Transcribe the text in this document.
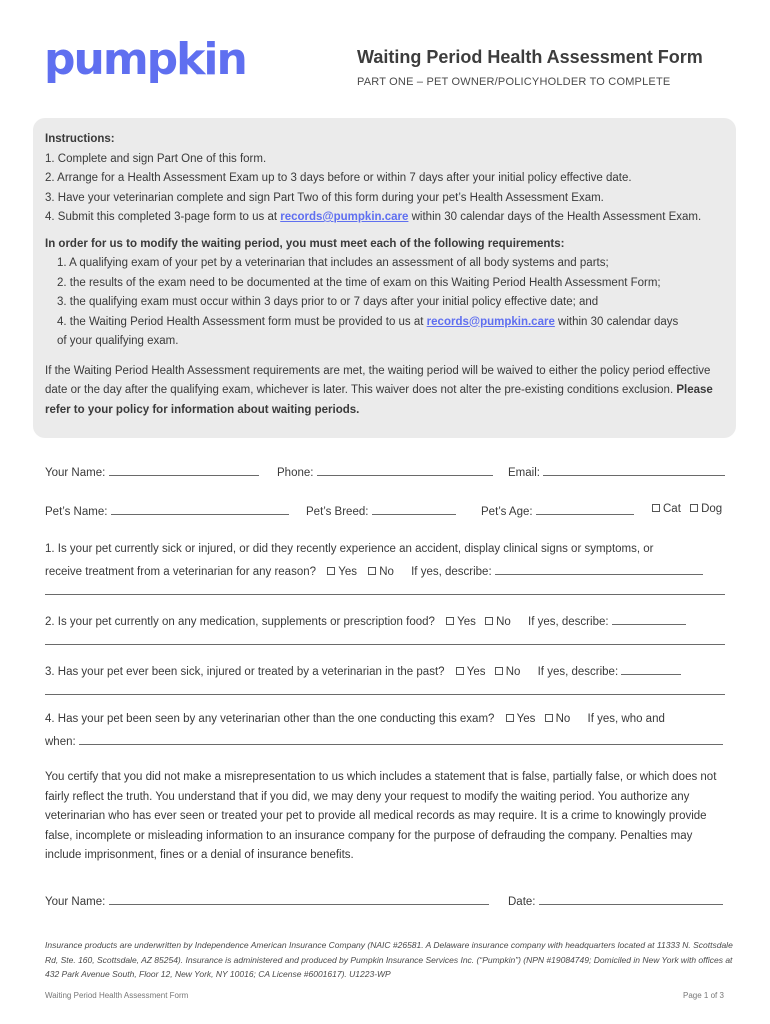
pumpkin	Waiting Period Health Assessment Form
PART ONE – PET OWNER/POLICYHOLDER TO COMPLETE

Instructions:

1. Complete and sign Part One of this form.

2. Arrange for a Health Assessment Exam up to 3 days before or within 7 days after your initial policy effective date.

3. Have your veterinarian complete and sign Part Two of this form during your pet’s Health Assessment Exam.

4. Submit this completed 3-page form to us at records@pumpkin.care within 30 calendar days of the Health Assessment Exam.

In order for us to modify the waiting period, you must meet each of the following requirements:

1. A qualifying exam of your pet by a veterinarian that includes an assessment of all body systems and parts;

2. the results of the exam need to be documented at the time of exam on this Waiting Period Health Assessment Form;

3. the qualifying exam must occur within 3 days prior to or 7 days after your initial policy effective date; and

4. the Waiting Period Health Assessment form must be provided to us at records@pumpkin.care within 30 calendar days

of your qualifying exam.

If the Waiting Period Health Assessment requirements are met, the waiting period will be waived to either the policy period effective date or the day after the qualifying exam, whichever is later. This waiver does not alter the pre-existing conditions exclusion. Please refer to your policy for information about waiting periods.

Your Name:	Phone:	Email:
Pet’s Name:	Pet’s Breed:	Pet’s Age:	Cat Dog
1. Is your pet currently sick or injured, or did they recently experience an accident, display clinical signs or symptoms, or
receive treatment from a veterinarian for any reason? Yes No If yes, describe:
2. Is your pet currently on any medication, supplements or prescription food? Yes No If yes, describe:
3. Has your pet ever been sick, injured or treated by a veterinarian in the past? Yes No If yes, describe:
4. Has your pet been seen by any veterinarian other than the one conducting this exam? Yes No If yes, who and
when:

You certify that you did not make a misrepresentation to us which includes a statement that is false, partially false, or which does not fairly reflect the truth. You understand that if you did, we may deny your request to modify the waiting period. You authorize any veterinarian who has ever seen or treated your pet to provide all medical records as may require. It is a crime to knowingly provide false, incomplete or misleading information to an insurance company for the purpose of defrauding the company. Penalties may include imprisonment, fines or a denial of insurance benefits.

Your Name:	Date:

Insurance products are underwritten by Independence American Insurance Company (NAIC #26581. A Delaware insurance company with headquarters located at 11333 N. Scottsdale Rd, Ste. 160, Scottsdale, AZ 85254). Insurance is administered and produced by Pumpkin Insurance Services Inc. (“Pumpkin”) (NPN #19084749; Domiciled in New York with offices at 432 Park Avenue South, Floor 12, New York, NY 10016; CA License #6001617). U1223-WP

Waiting Period Health Assessment Form	Page 1 of 3
